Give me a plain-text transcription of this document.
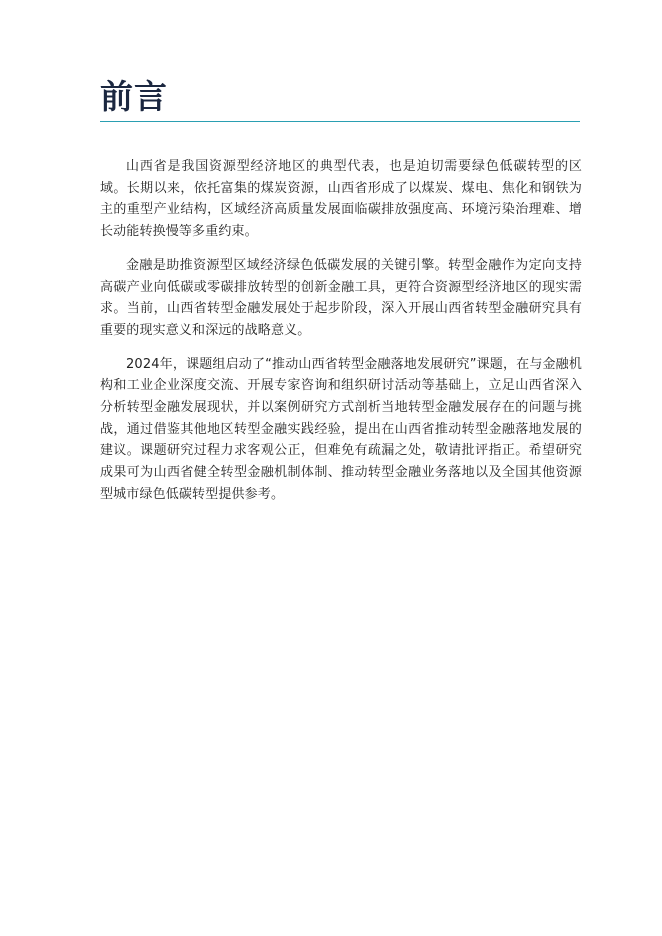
前言

山西省是我国资源型经济地区的典型代表，也是迫切需要绿色低碳转型的区域。长期以来，依托富集的煤炭资源，山西省形成了以煤炭、煤电、焦化和钢铁为主的重型产业结构，区域经济高质量发展面临碳排放强度高、环境污染治理难、增长动能转换慢等多重约束。

金融是助推资源型区域经济绿色低碳发展的关键引擎。转型金融作为定向支持高碳产业向低碳或零碳排放转型的创新金融工具，更符合资源型经济地区的现实需求。当前，山西省转型金融发展处于起步阶段，深入开展山西省转型金融研究具有重要的现实意义和深远的战略意义。

2024年，课题组启动了“推动山西省转型金融落地发展研究”课题，在与金融机构和工业企业深度交流、开展专家咨询和组织研讨活动等基础上，立足山西省深入分析转型金融发展现状，并以案例研究方式剖析当地转型金融发展存在的问题与挑战，通过借鉴其他地区转型金融实践经验，提出在山西省推动转型金融落地发展的建议。课题研究过程力求客观公正，但难免有疏漏之处，敬请批评指正。希望研究成果可为山西省健全转型金融机制体制、推动转型金融业务落地以及全国其他资源型城市绿色低碳转型提供参考。
